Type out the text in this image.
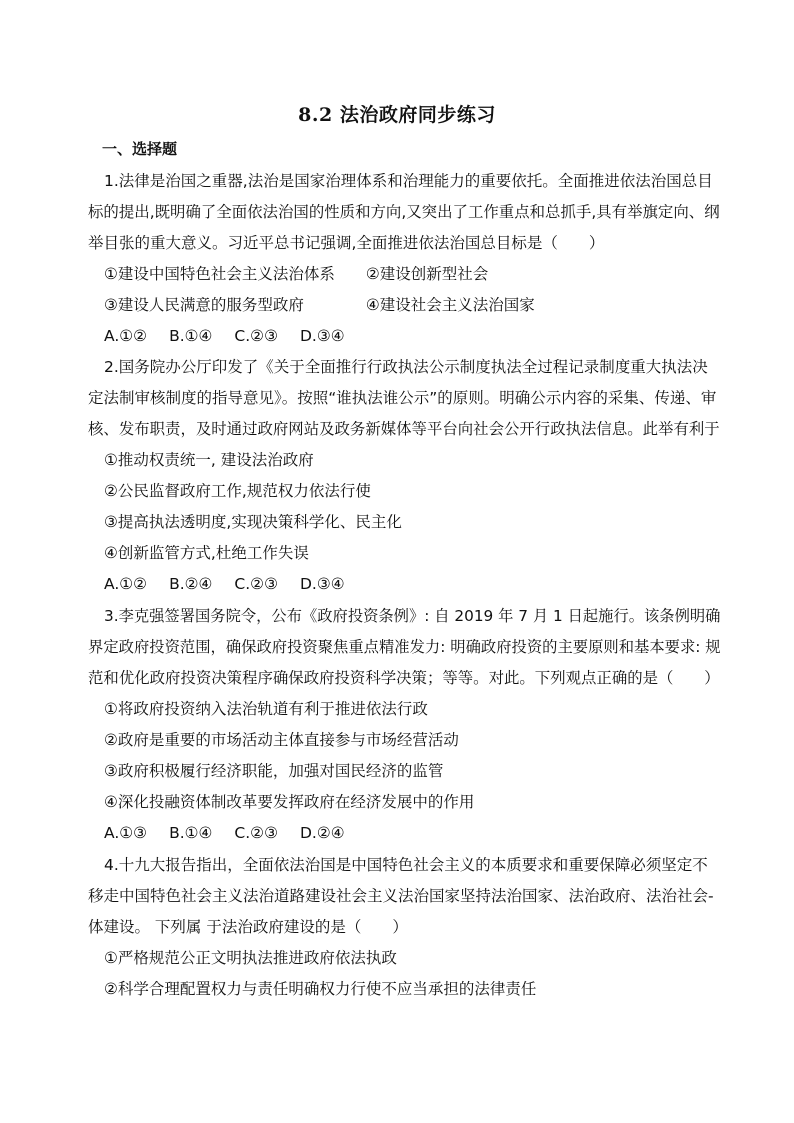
8.2 法治政府同步练习
一、选择题
1.法律是治国之重器,法治是国家治理体系和治理能力的重要依托。全面推进依法治国总目
标的提出,既明确了全面依法治国的性质和方向,又突出了工作重点和总抓手,具有举旗定向、纲
举目张的重大意义。习近平总书记强调,全面推进依法治国总目标是（　　）
①建设中国特色社会主义法治体系　　②建设创新型社会
③建设人民满意的服务型政府　　　　④建设社会主义法治国家
A.①② B.①④ C.②③ D.③④
2.国务院办公厅印发了《关于全面推行行政执法公示制度执法全过程记录制度重大执法决
定法制审核制度的指导意见》。按照“谁执法谁公示”的原则。明确公示内容的采集、传递、审
核、发布职责，及时通过政府网站及政务新媒体等平台向社会公开行政执法信息。此举有利于
①推动权责统一, 建设法治政府
②公民监督政府工作,规范权力依法行使
③提高执法透明度,实现决策科学化、民主化
④创新监管方式,杜绝工作失误
A.①② B.②④ C.②③ D.③④
3.李克强签署国务院令，公布《政府投资条例》: 自 2019 年 7 月 1 日起施行。该条例明确
界定政府投资范围，确保政府投资聚焦重点精准发力: 明确政府投资的主要原则和基本要求: 规
范和优化政府投资决策程序确保政府投资科学决策；等等。对此。下列观点正确的是（　　）
①将政府投资纳入法治轨道有利于推进依法行政
②政府是重要的市场活动主体直接参与市场经营活动
③政府积极履行经济职能，加强对国民经济的监管
④深化投融资体制改革要发挥政府在经济发展中的作用
A.①③ B.①④ C.②③ D.②④
4.十九大报告指出，全面依法治国是中国特色社会主义的本质要求和重要保障必须坚定不
移走中国特色社会主义法治道路建设社会主义法治国家坚持法治国家、法治政府、法治社会-
体建设。 下列属 于法治政府建设的是（　　）
①严格规范公正文明执法推进政府依法执政
②科学合理配置权力与责任明确权力行使不应当承担的法律责任
